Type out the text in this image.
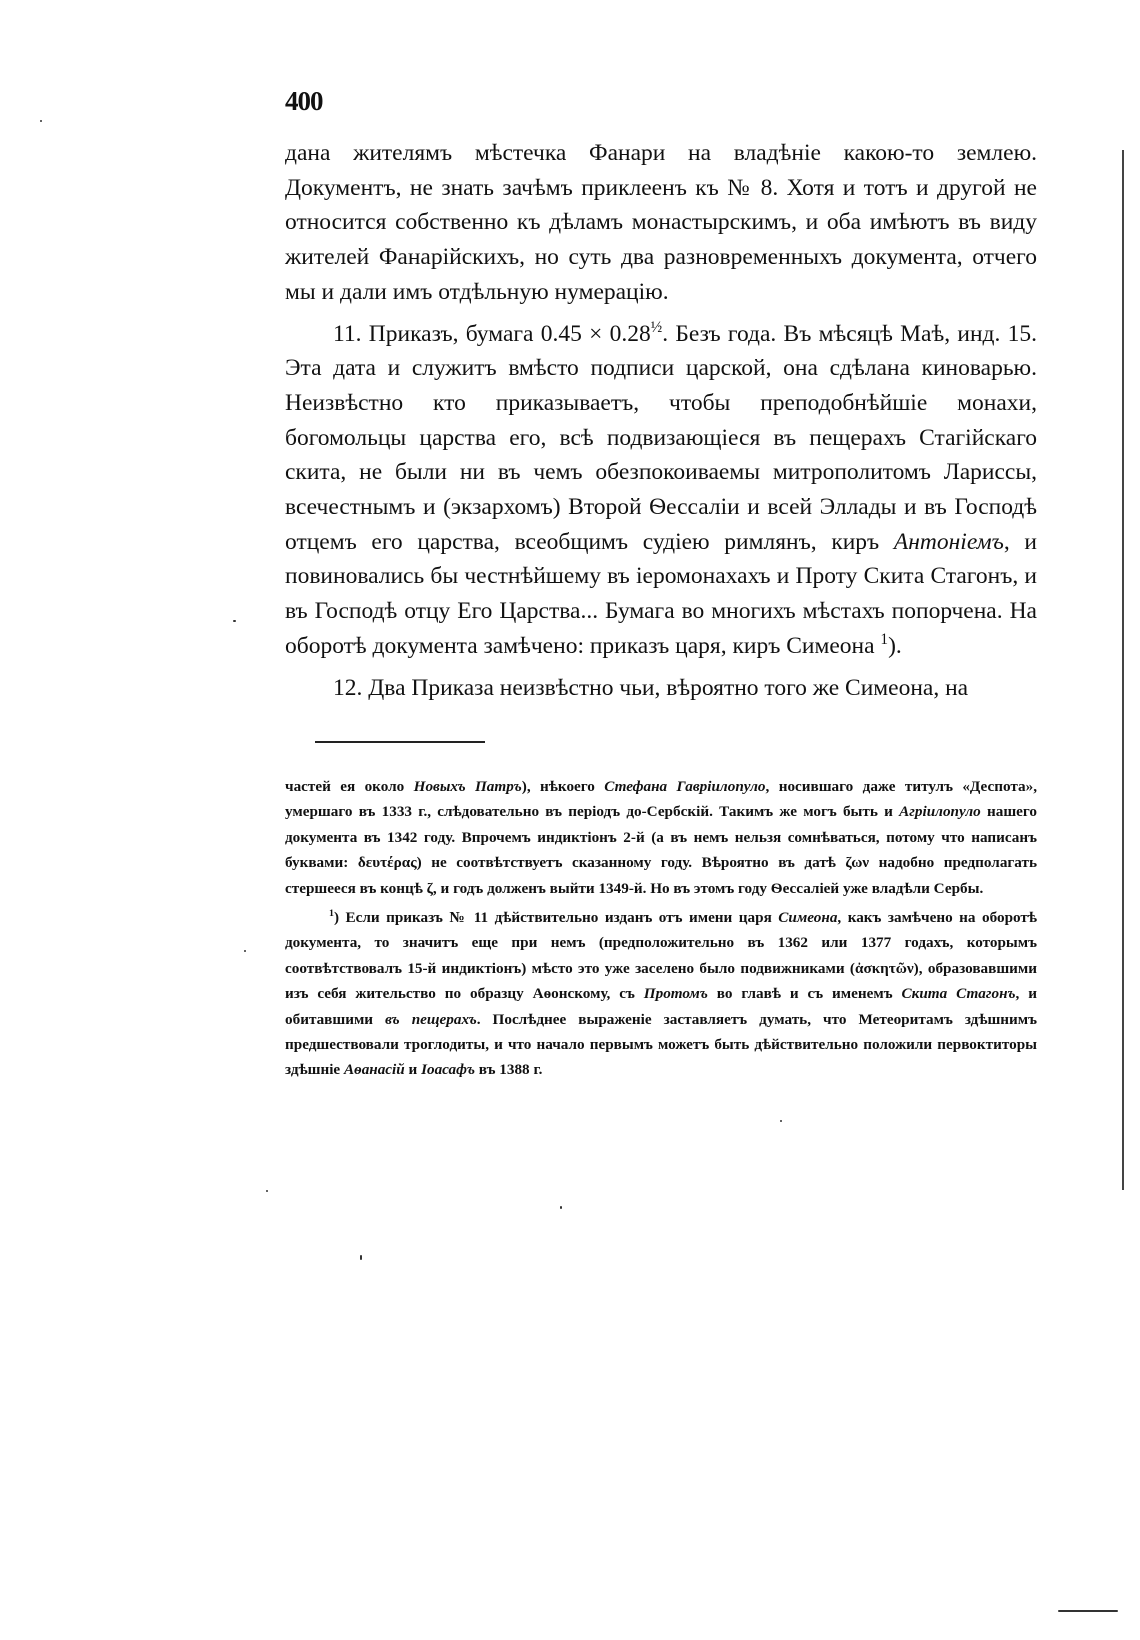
400

дана жителямъ мѣстечка Фанари на владѣніе какою-то землею. Документъ, не знать зачѣмъ приклеенъ къ № 8. Хотя и тотъ и другой не относится собственно къ дѣламъ монастырскимъ, и оба имѣютъ въ виду жителей Фанарійскихъ, но суть два разновременныхъ документа, отчего мы и дали имъ отдѣльную нумерацію.

11. Приказъ, бумага $0.45 \times 0.28^{\frac{1}{2}}$. Безъ года. Въ мѣсяцѣ Маѣ, инд. 15. Эта дата и служитъ вмѣсто подписи царской, она сдѣлана киноварью. Неизвѣстно кто приказываетъ, чтобы преподобнѣйшіе монахи, богомольцы царства его, всѣ подвизающіеся въ пещерахъ Стагійскаго скита, не были ни въ чемъ обезпокоиваемы митрополитомъ Лариссы, всечестнымъ и (экзархомъ) Второй Ѳессаліи и всей Эллады и въ Господѣ отцемъ его царства, всеобщимъ судіею римлянъ, киръ Антоніемъ, и повиновались бы честнѣйшему въ іеромонахахъ и Проту Скита Стагонъ, и въ Господѣ отцу Его Царства... Бумага во многихъ мѣстахъ попорчена. На оборотѣ документа замѣчено: приказъ царя, киръ Симеона $^1$).

12. Два Приказа неизвѣстно чьи, вѣроятно того же Симеона, на

частей ея около Новыхъ Патръ), нѣкоего Стефана Гавріилопуло, носившаго даже титулъ «Деспота», умершаго въ 1333 г., слѣдовательно въ періодъ до-Сербскій. Такимъ же могъ быть и Агріилопуло нашего документа въ 1342 году. Впрочемъ индиктіонъ 2-й (а въ немъ нельзя сомнѣваться, потому что написанъ буквами: δευτέρας) не соотвѣтствуетъ сказанному году. Вѣроятно въ датѣ ζων надобно предполагать стершееся въ концѣ ζ, и годъ долженъ выйти 1349-й. Но въ этомъ году Ѳессаліей уже владѣли Сербы.

$^1$) Если приказъ № 11 дѣйствительно изданъ отъ имени царя Симеона, какъ замѣчено на оборотѣ документа, то значитъ еще при немъ (предположительно въ 1362 или 1377 годахъ, которымъ соотвѣтствовалъ 15-й индиктіонъ) мѣсто это уже заселено было подвижниками (ἀσκητῶν), образовавшими изъ себя жительство по образцу Аѳонскому, съ Протомъ во главѣ и съ именемъ Скита Стагонъ, и обитавшими въ пещерахъ. Послѣднее выраженіе заставляетъ думать, что Метеоритамъ здѣшнимъ предшествовали троглодиты, и что начало первымъ можетъ быть дѣйствительно положили первоктиторы здѣшніе Аѳанасій и Іоасафъ въ 1388 г.
